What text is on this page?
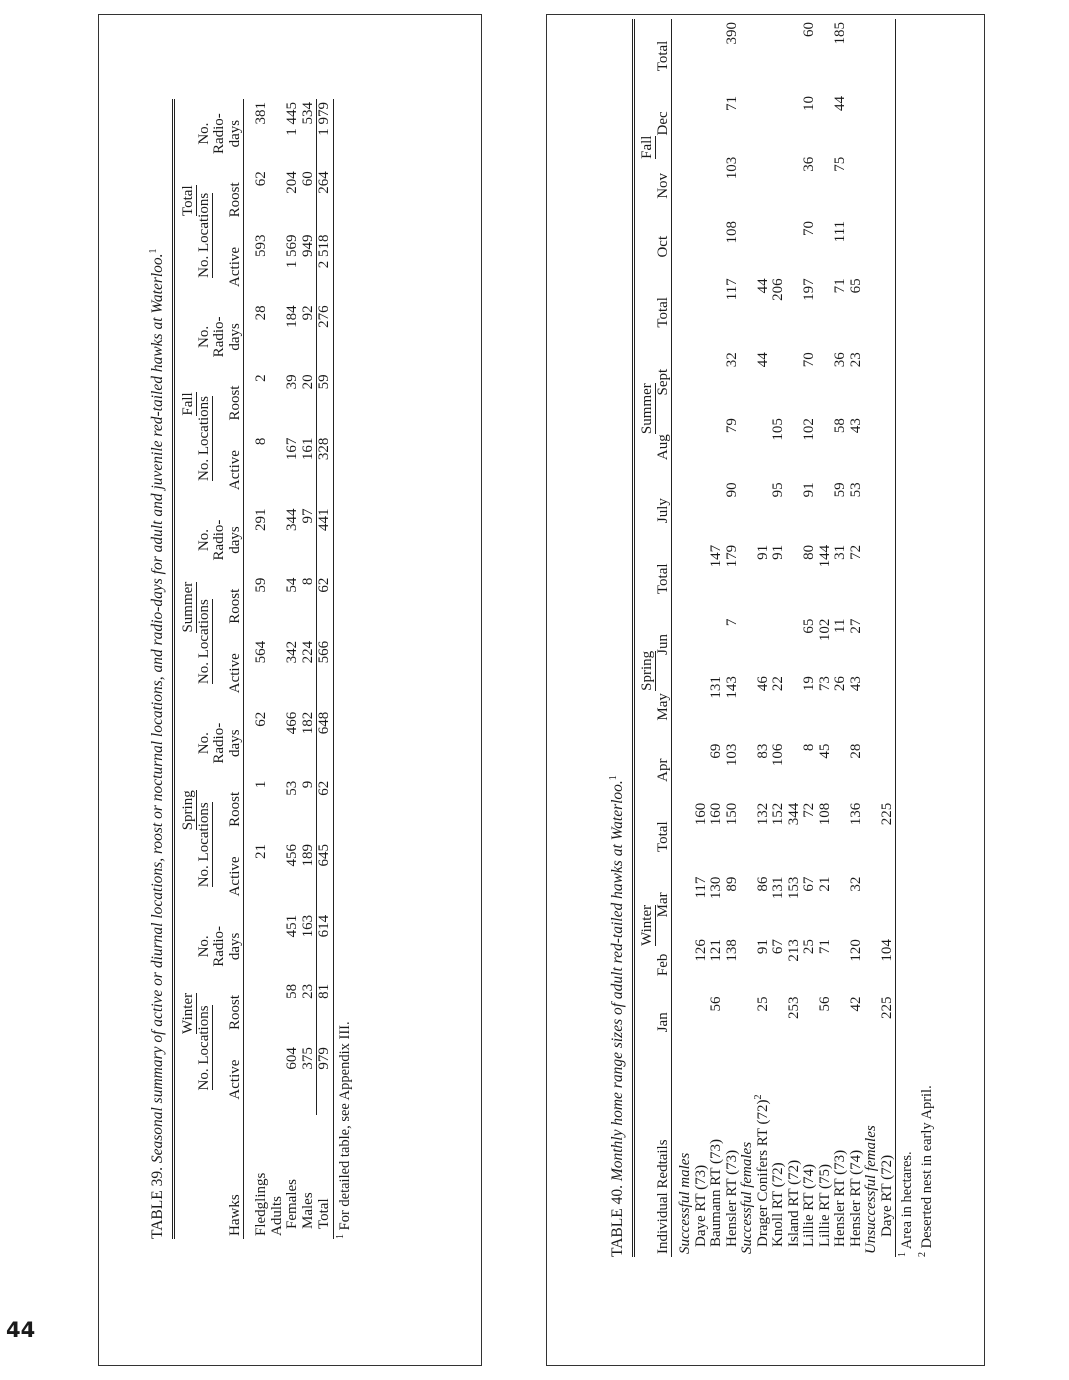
44
TABLE 39. Seasonal summary of active or diurnal locations, roost or nocturnal locations, and radio-days for adult and juvenile red-tailed hawks at Waterloo.$^1$
	Winter			Spring			Summer			Fall			Total		
	No. Locations		No.	No. Locations		No.	No. Locations		No.	No. Locations		No.	No. Locations		No.
			Radio-			Radio-			Radio-			Radio-			Radio-
Hawks	Active	Roost	days	Active	Roost	days	Active	Roost	days	Active	Roost	days	Active	Roost	days

Fledglings				21	1	62	564	59	291	8	2	28	593	62	381
Adults															
Females	604	58	451	456	53	466	342	54	344	167	39	184	1 569	204	1 445
Males	375	23	163	189	9	182	224	8	97	161	20	92	949	60	534
Total	979	81	614	645	62	648	566	62	441	328	59	276	2 518	264	1 979
$^1$ For detailed table, see Appendix III.	TABLE 40. Monthly home range sizes of adult red-tailed hawks at Waterloo.$^1$
	Winter				Spring				Summer				Fall			
Individual Redtails	Jan	Feb	Mar	Total	Apr	May	Jun	Total	July	Aug	Sept	Total	Oct	Nov	Dec	Total

Successful males																
Daye RT (73)		126	117	160												
Baumann RT (73)	56	121	130	160	69	131		147								
Hensler RT (73)		138	89	150	103	143	7	179	90	79	32	117	108	103	71	390
Successful females																
Drager Conifers RT $(72)^2$	25	91	86	132	83	46		91			44	44				
Knoll RT (72)		67	131	152	106	22		91	95	105		206				
Island RT (72)	253	213	153	344												
Lillie RT (74)		25	67	72	8	19	65	80	91	102	70	197	70	36	10	60
Lillie RT (75)	56	71	21	108	45	73	102	144								
Hensler RT (73)						26	11	31	59	58	36	71	111	75	44	185
Hensler RT (74)	42	120	32	136	28	43	27	72	53	43	23	65				
Unsuccessful females																
Daye RT (72)	225	104		225												
$^1$ Area in hectares.
$^2$ Deserted nest in early April.
